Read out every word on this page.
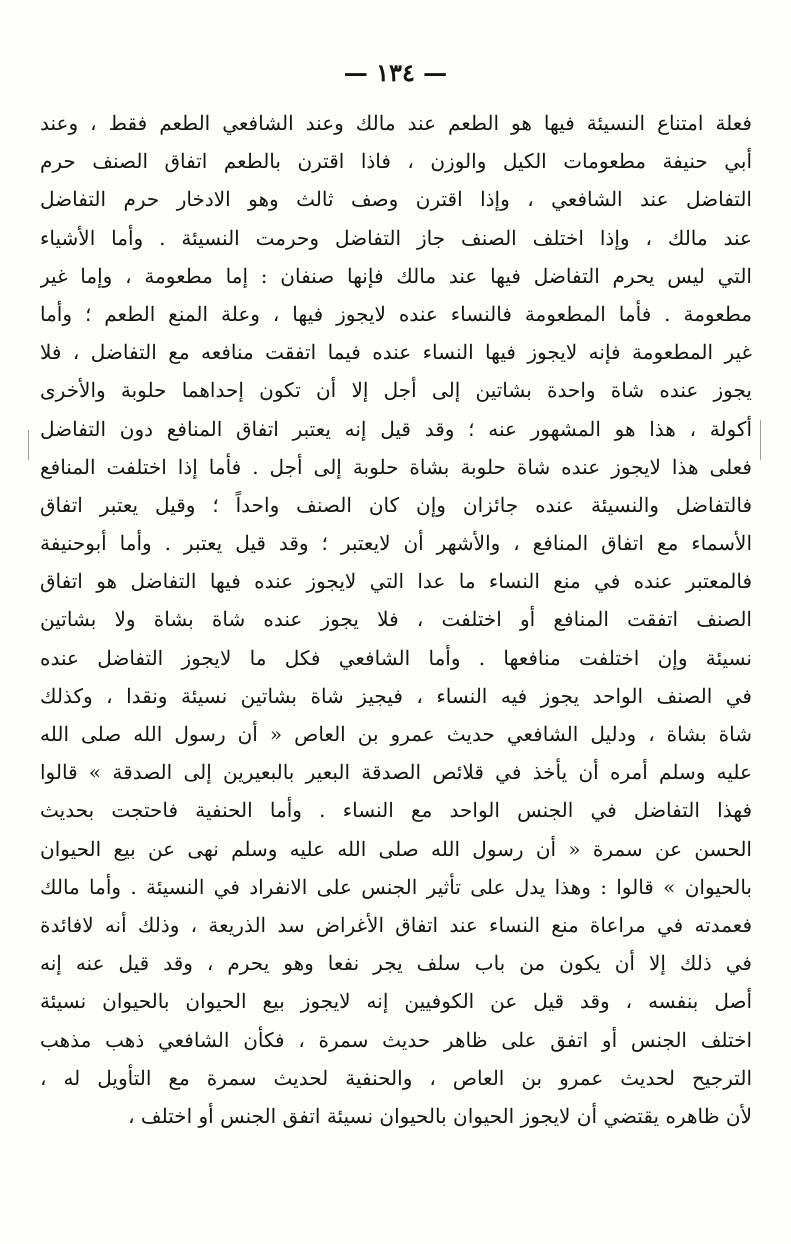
— ١٣٤ —
فعلة امتناع النسيئة فيها هو الطعم عند مالك وعند الشافعي الطعم فقط ، وعند
أبي حنيفة مطعومات الكيل والوزن ، فاذا اقترن بالطعم اتفاق الصنف حرم
التفاضل عند الشافعي ، وإذا اقترن وصف ثالث وهو الادخار حرم التفاضل
عند مالك ، وإذا اختلف الصنف جاز التفاضل وحرمت النسيئة . وأما الأشياء
التي ليس يحرم التفاضل فيها عند مالك فإنها صنفان : إما مطعومة ، وإما غير
مطعومة . فأما المطعومة فالنساء عنده لايجوز فيها ، وعلة المنع الطعم ؛ وأما
غير المطعومة فإنه لايجوز فيها النساء عنده فيما اتفقت منافعه مع التفاضل ، فلا
يجوز عنده شاة واحدة بشاتين إلى أجل إلا أن تكون إحداهما حلوبة والأخرى
أكولة ، هذا هو المشهور عنه ؛ وقد قيل إنه يعتبر اتفاق المنافع دون التفاضل
فعلى هذا لايجوز عنده شاة حلوبة بشاة حلوبة إلى أجل . فأما إذا اختلفت المنافع
فالتفاضل والنسيئة عنده جائزان وإن كان الصنف واحداً ؛ وقيل يعتبر اتفاق
الأسماء مع اتفاق المنافع ، والأشهر أن لايعتبر ؛ وقد قيل يعتبر . وأما أبوحنيفة
فالمعتبر عنده في منع النساء ما عدا التي لايجوز عنده فيها التفاضل هو اتفاق
الصنف اتفقت المنافع أو اختلفت ، فلا يجوز عنده شاة بشاة ولا بشاتين
نسيئة وإن اختلفت منافعها . وأما الشافعي فكل ما لايجوز التفاضل عنده
في الصنف الواحد يجوز فيه النساء ، فيجيز شاة بشاتين نسيئة ونقدا ، وكذلك
شاة بشاة ، ودليل الشافعي حديث عمرو بن العاص « أن رسول الله صلى الله
عليه وسلم أمره أن يأخذ في قلائص الصدقة البعير بالبعيرين إلى الصدقة » قالوا
فهذا التفاضل في الجنس الواحد مع النساء . وأما الحنفية فاحتجت بحديث
الحسن عن سمرة « أن رسول الله صلى الله عليه وسلم نهى عن بيع الحيوان
بالحيوان » قالوا : وهذا يدل على تأثير الجنس على الانفراد في النسيئة . وأما مالك
فعمدته في مراعاة منع النساء عند اتفاق الأغراض سد الذريعة ، وذلك أنه لافائدة
في ذلك إلا أن يكون من باب سلف يجر نفعا وهو يحرم ، وقد قيل عنه إنه
أصل بنفسه ، وقد قيل عن الكوفيين إنه لايجوز بيع الحيوان بالحيوان نسيئة
اختلف الجنس أو اتفق على ظاهر حديث سمرة ، فكأن الشافعي ذهب مذهب
الترجيح لحديث عمرو بن العاص ، والحنفية لحديث سمرة مع التأويل له ،
لأن ظاهره يقتضي أن لايجوز الحيوان بالحيوان نسيئة اتفق الجنس أو اختلف ،
